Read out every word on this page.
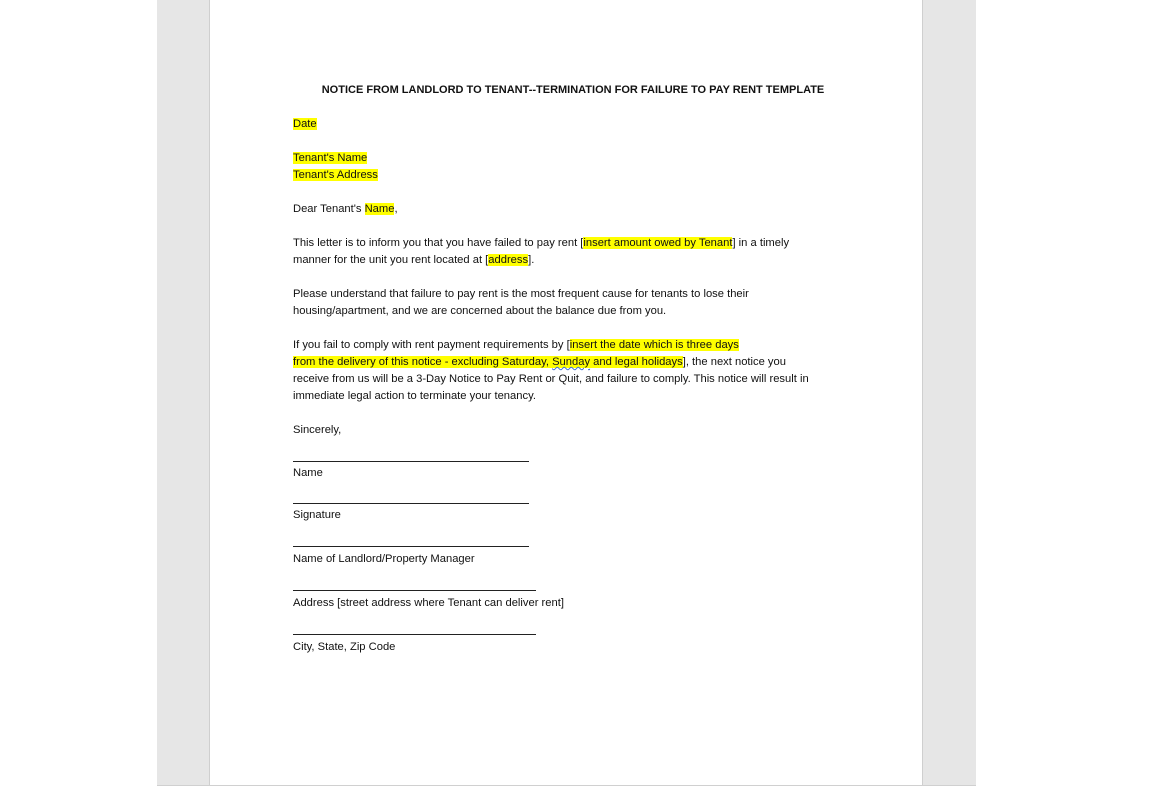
NOTICE FROM LANDLORD TO TENANT--TERMINATION FOR FAILURE TO PAY RENT TEMPLATE
Date
Tenant's Name
Tenant's Address
Dear Tenant's Name,
This letter is to inform you that you have failed to pay rent [insert amount owed by Tenant] in a timely
manner for the unit you rent located at [address].
Please understand that failure to pay rent is the most frequent cause for tenants to lose their
housing/apartment, and we are concerned about the balance due from you.
If you fail to comply with rent payment requirements by [insert the date which is three days
from the delivery of this notice - excluding Saturday, Sunday and legal holidays], the next notice you
receive from us will be a 3-Day Notice to Pay Rent or Quit, and failure to comply. This notice will result in
immediate legal action to terminate your tenancy.
Sincerely,
Name
Signature
Name of Landlord/Property Manager
Address [street address where Tenant can deliver rent]
City, State, Zip Code
